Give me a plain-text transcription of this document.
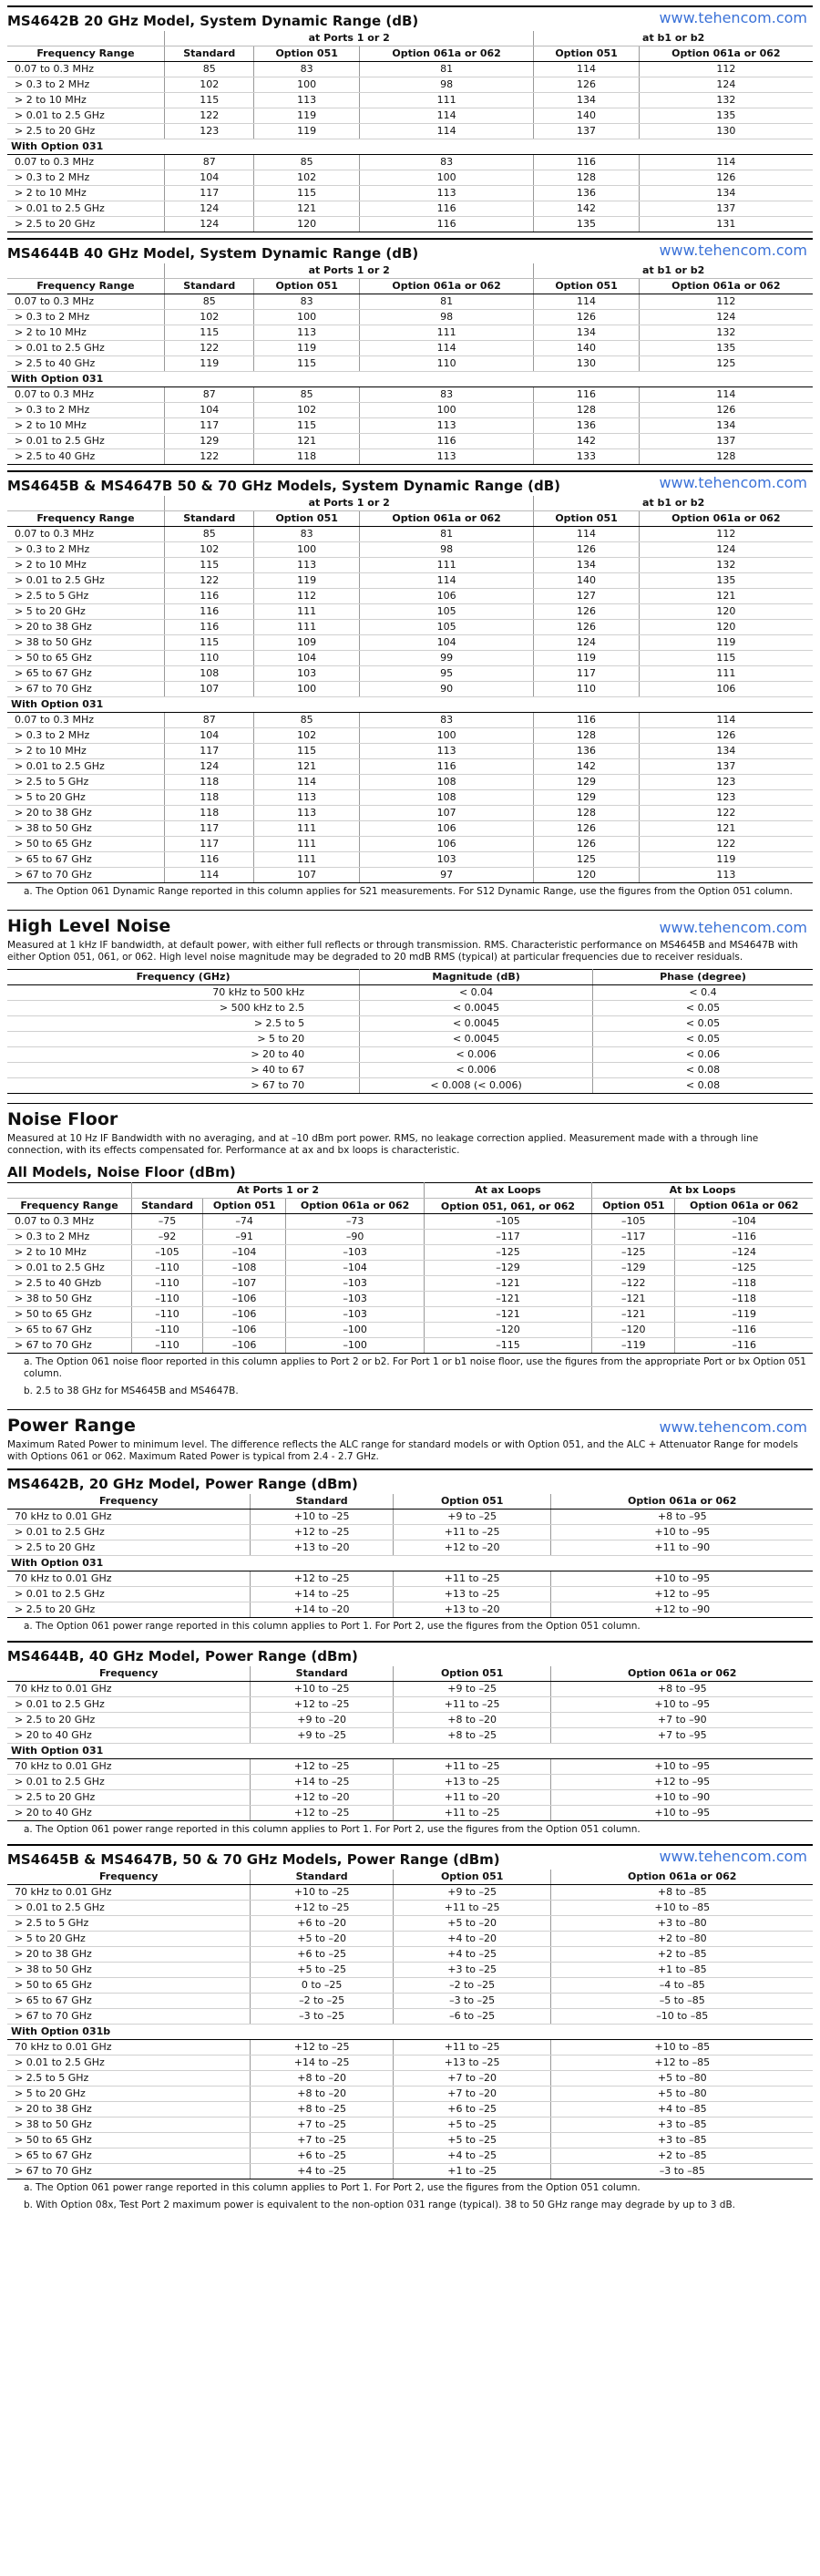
MS4642B 20 GHz Model, System Dynamic Range (dB)	www.tehencom.com
	at Ports 1 or 2			at b1 or b2	
Frequency Range	Standard	Option 051	Option 061a or 062	Option 051	Option 061a or 062
0.07 to 0.3 MHz	85	83	81	114	112
> 0.3 to 2 MHz	102	100	98	126	124
> 2 to 10 MHz	115	113	111	134	132
> 0.01 to 2.5 GHz	122	119	114	140	135
> 2.5 to 20 GHz	123	119	114	137	130
With Option 031					
0.07 to 0.3 MHz	87	85	83	116	114
> 0.3 to 2 MHz	104	102	100	128	126
> 2 to 10 MHz	117	115	113	136	134
> 0.01 to 2.5 GHz	124	121	116	142	137
> 2.5 to 20 GHz	124	120	116	135	131
MS4644B 40 GHz Model, System Dynamic Range (dB)	www.tehencom.com
	at Ports 1 or 2			at b1 or b2	
Frequency Range	Standard	Option 051	Option 061a or 062	Option 051	Option 061a or 062
0.07 to 0.3 MHz	85	83	81	114	112
> 0.3 to 2 MHz	102	100	98	126	124
> 2 to 10 MHz	115	113	111	134	132
> 0.01 to 2.5 GHz	122	119	114	140	135
> 2.5 to 40 GHz	119	115	110	130	125
With Option 031					
0.07 to 0.3 MHz	87	85	83	116	114
> 0.3 to 2 MHz	104	102	100	128	126
> 2 to 10 MHz	117	115	113	136	134
> 0.01 to 2.5 GHz	129	121	116	142	137
> 2.5 to 40 GHz	122	118	113	133	128
MS4645B & MS4647B 50 & 70 GHz Models, System Dynamic Range (dB)	www.tehencom.com
	at Ports 1 or 2			at b1 or b2	
Frequency Range	Standard	Option 051	Option 061a or 062	Option 051	Option 061a or 062
0.07 to 0.3 MHz	85	83	81	114	112
> 0.3 to 2 MHz	102	100	98	126	124
> 2 to 10 MHz	115	113	111	134	132
> 0.01 to 2.5 GHz	122	119	114	140	135
> 2.5 to 5 GHz	116	112	106	127	121
> 5 to 20 GHz	116	111	105	126	120
> 20 to 38 GHz	116	111	105	126	120
> 38 to 50 GHz	115	109	104	124	119
> 50 to 65 GHz	110	104	99	119	115
> 65 to 67 GHz	108	103	95	117	111
> 67 to 70 GHz	107	100	90	110	106
With Option 031					
0.07 to 0.3 MHz	87	85	83	116	114
> 0.3 to 2 MHz	104	102	100	128	126
> 2 to 10 MHz	117	115	113	136	134
> 0.01 to 2.5 GHz	124	121	116	142	137
> 2.5 to 5 GHz	118	114	108	129	123
> 5 to 20 GHz	118	113	108	129	123
> 20 to 38 GHz	118	113	107	128	122
> 38 to 50 GHz	117	111	106	126	121
> 50 to 65 GHz	117	111	106	126	122
> 65 to 67 GHz	116	111	103	125	119
> 67 to 70 GHz	114	107	97	120	113
a. The Option 061 Dynamic Range reported in this column applies for S21 measurements. For S12 Dynamic Range, use the figures from the Option 051 column.
High Level Noise	www.tehencom.com
Measured at 1 kHz IF bandwidth, at default power, with either full reflects or through transmission. RMS. Characteristic performance on MS4645B and MS4647B with either Option 051, 061, or 062. High level noise magnitude may be degraded to 20 mdB RMS (typical) at particular frequencies due to receiver residuals.
Frequency (GHz)	Magnitude (dB)	Phase (degree)
70 kHz to 500 kHz	< 0.04	< 0.4
> 500 kHz to 2.5	< 0.0045	< 0.05
> 2.5 to 5	< 0.0045	< 0.05
> 5 to 20	< 0.0045	< 0.05
> 20 to 40	< 0.006	< 0.06
> 40 to 67	< 0.006	< 0.08
> 67 to 70	< 0.008 (< 0.006)	< 0.08
Noise Floor
Measured at 10 Hz IF Bandwidth with no averaging, and at –10 dBm port power. RMS, no leakage correction applied. Measurement made with a through line connection, with its effects compensated for. Performance at ax and bx loops is characteristic.
All Models, Noise Floor (dBm)
	At Ports 1 or 2			At ax Loops	At bx Loops	
Frequency Range	Standard	Option 051	Option 061a or 062	Option 051, 061, or 062	Option 051	Option 061a or 062
0.07 to 0.3 MHz	–75	–74	–73	–105	–105	–104
> 0.3 to 2 MHz	–92	–91	–90	–117	–117	–116
> 2 to 10 MHz	–105	–104	–103	–125	–125	–124
> 0.01 to 2.5 GHz	–110	–108	–104	–129	–129	–125
> 2.5 to 40 GHzb	–110	–107	–103	–121	–122	–118
> 38 to 50 GHz	–110	–106	–103	–121	–121	–118
> 50 to 65 GHz	–110	–106	–103	–121	–121	–119
> 65 to 67 GHz	–110	–106	–100	–120	–120	–116
> 67 to 70 GHz	–110	–106	–100	–115	–119	–116
a. The Option 061 noise floor reported in this column applies to Port 2 or b2. For Port 1 or b1 noise floor, use the figures from the appropriate Port or bx Option 051 column.
b. 2.5 to 38 GHz for MS4645B and MS4647B.
Power Range	www.tehencom.com
Maximum Rated Power to minimum level. The difference reflects the ALC range for standard models or with Option 051, and the ALC + Attenuator Range for models with Options 061 or 062. Maximum Rated Power is typical from 2.4 - 2.7 GHz.
MS4642B, 20 GHz Model, Power Range (dBm)
Frequency	Standard	Option 051	Option 061a or 062
70 kHz to 0.01 GHz	+10 to –25	+9 to –25	+8 to –95
> 0.01 to 2.5 GHz	+12 to –25	+11 to –25	+10 to –95
> 2.5 to 20 GHz	+13 to –20	+12 to –20	+11 to –90
With Option 031			
70 kHz to 0.01 GHz	+12 to –25	+11 to –25	+10 to –95
> 0.01 to 2.5 GHz	+14 to –25	+13 to –25	+12 to –95
> 2.5 to 20 GHz	+14 to –20	+13 to –20	+12 to –90
a. The Option 061 power range reported in this column applies to Port 1. For Port 2, use the figures from the Option 051 column.
MS4644B, 40 GHz Model, Power Range (dBm)
Frequency	Standard	Option 051	Option 061a or 062
70 kHz to 0.01 GHz	+10 to –25	+9 to –25	+8 to –95
> 0.01 to 2.5 GHz	+12 to –25	+11 to –25	+10 to –95
> 2.5 to 20 GHz	+9 to –20	+8 to –20	+7 to –90
> 20 to 40 GHz	+9 to –25	+8 to –25	+7 to –95
With Option 031			
70 kHz to 0.01 GHz	+12 to –25	+11 to –25	+10 to –95
> 0.01 to 2.5 GHz	+14 to –25	+13 to –25	+12 to –95
> 2.5 to 20 GHz	+12 to –20	+11 to –20	+10 to –90
> 20 to 40 GHz	+12 to –25	+11 to –25	+10 to –95
a. The Option 061 power range reported in this column applies to Port 1. For Port 2, use the figures from the Option 051 column.
MS4645B & MS4647B, 50 & 70 GHz Models, Power Range (dBm)	www.tehencom.com
Frequency	Standard	Option 051	Option 061a or 062
70 kHz to 0.01 GHz	+10 to –25	+9 to –25	+8 to –85
> 0.01 to 2.5 GHz	+12 to –25	+11 to –25	+10 to –85
> 2.5 to 5 GHz	+6 to –20	+5 to –20	+3 to –80
> 5 to 20 GHz	+5 to –20	+4 to –20	+2 to –80
> 20 to 38 GHz	+6 to –25	+4 to –25	+2 to –85
> 38 to 50 GHz	+5 to –25	+3 to –25	+1 to –85
> 50 to 65 GHz	0 to –25	–2 to –25	–4 to –85
> 65 to 67 GHz	–2 to –25	–3 to –25	–5 to –85
> 67 to 70 GHz	–3 to –25	–6 to –25	–10 to –85
With Option 031b			
70 kHz to 0.01 GHz	+12 to –25	+11 to –25	+10 to –85
> 0.01 to 2.5 GHz	+14 to –25	+13 to –25	+12 to –85
> 2.5 to 5 GHz	+8 to –20	+7 to –20	+5 to –80
> 5 to 20 GHz	+8 to –20	+7 to –20	+5 to –80
> 20 to 38 GHz	+8 to –25	+6 to –25	+4 to –85
> 38 to 50 GHz	+7 to –25	+5 to –25	+3 to –85
> 50 to 65 GHz	+7 to –25	+5 to –25	+3 to –85
> 65 to 67 GHz	+6 to –25	+4 to –25	+2 to –85
> 67 to 70 GHz	+4 to –25	+1 to –25	–3 to –85
a. The Option 061 power range reported in this column applies to Port 1. For Port 2, use the figures from the Option 051 column.
b. With Option 08x, Test Port 2 maximum power is equivalent to the non-option 031 range (typical). 38 to 50 GHz range may degrade by up to 3 dB.
